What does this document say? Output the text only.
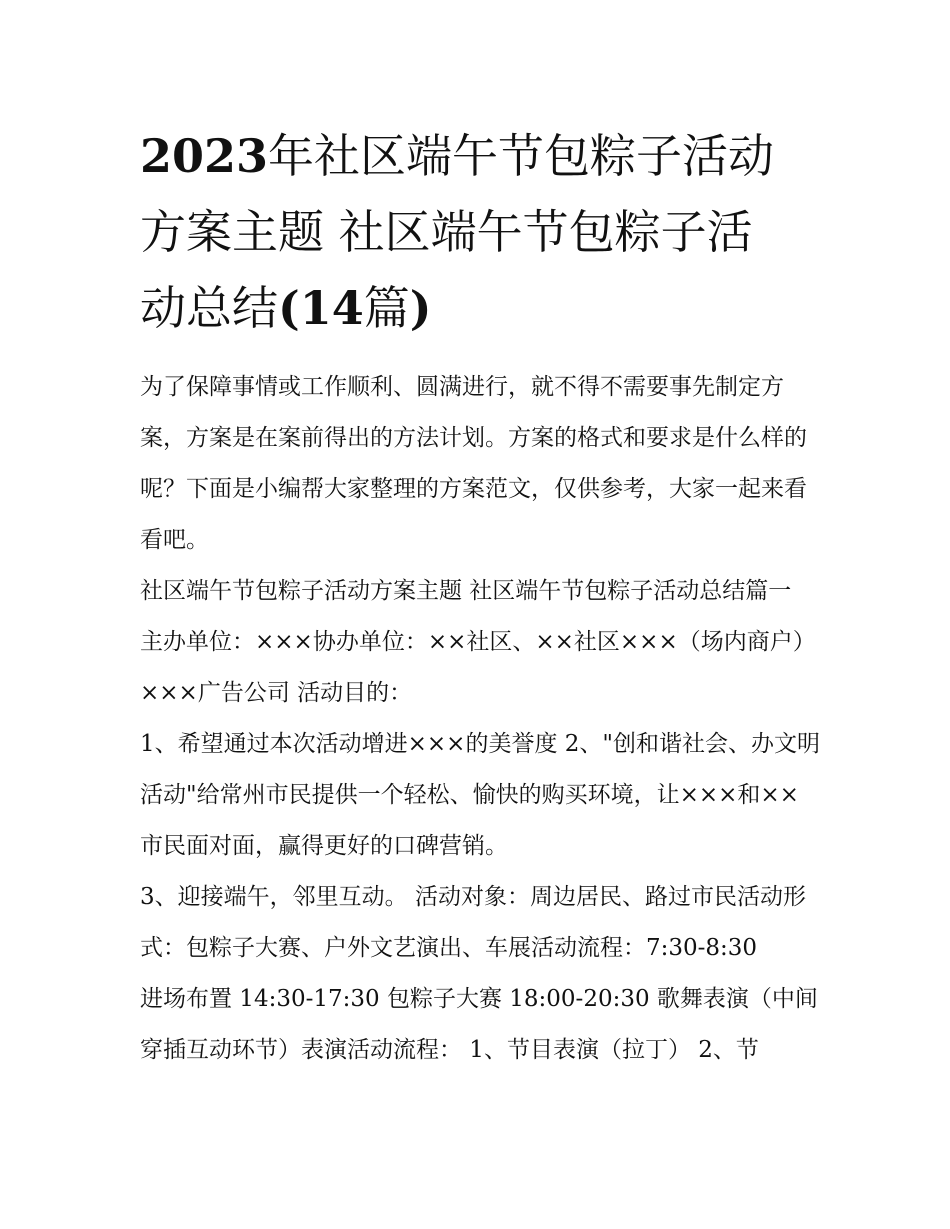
2023年社区端午节包粽子活动
方案主题 社区端午节包粽子活
动总结(14篇)

为了保障事情或工作顺利、圆满进行，就不得不需要事先制定方案，方案是在案前得出的方法计划。方案的格式和要求是什么样的呢？下面是小编帮大家整理的方案范文，仅供参考，大家一起来看看吧。

社区端午节包粽子活动方案主题 社区端午节包粽子活动总结篇一 主办单位：×××协办单位：××社区、××社区×××（场内商户）×××广告公司 活动目的：

1、希望通过本次活动增进×××的美誉度 2、"创和谐社会、办文明活动"给常州市民提供一个轻松、愉快的购买环境，让×××和××市民面对面，赢得更好的口碑营销。

3、迎接端午，邻里互动。 活动对象：周边居民、路过市民活动形式：包粽子大赛、户外文艺演出、车展活动流程：7:30-8:30

进场布置 14:30-17:30 包粽子大赛 18:00-20:30 歌舞表演（中间穿插互动环节）表演活动流程： 1、节目表演（拉丁） 2、节
